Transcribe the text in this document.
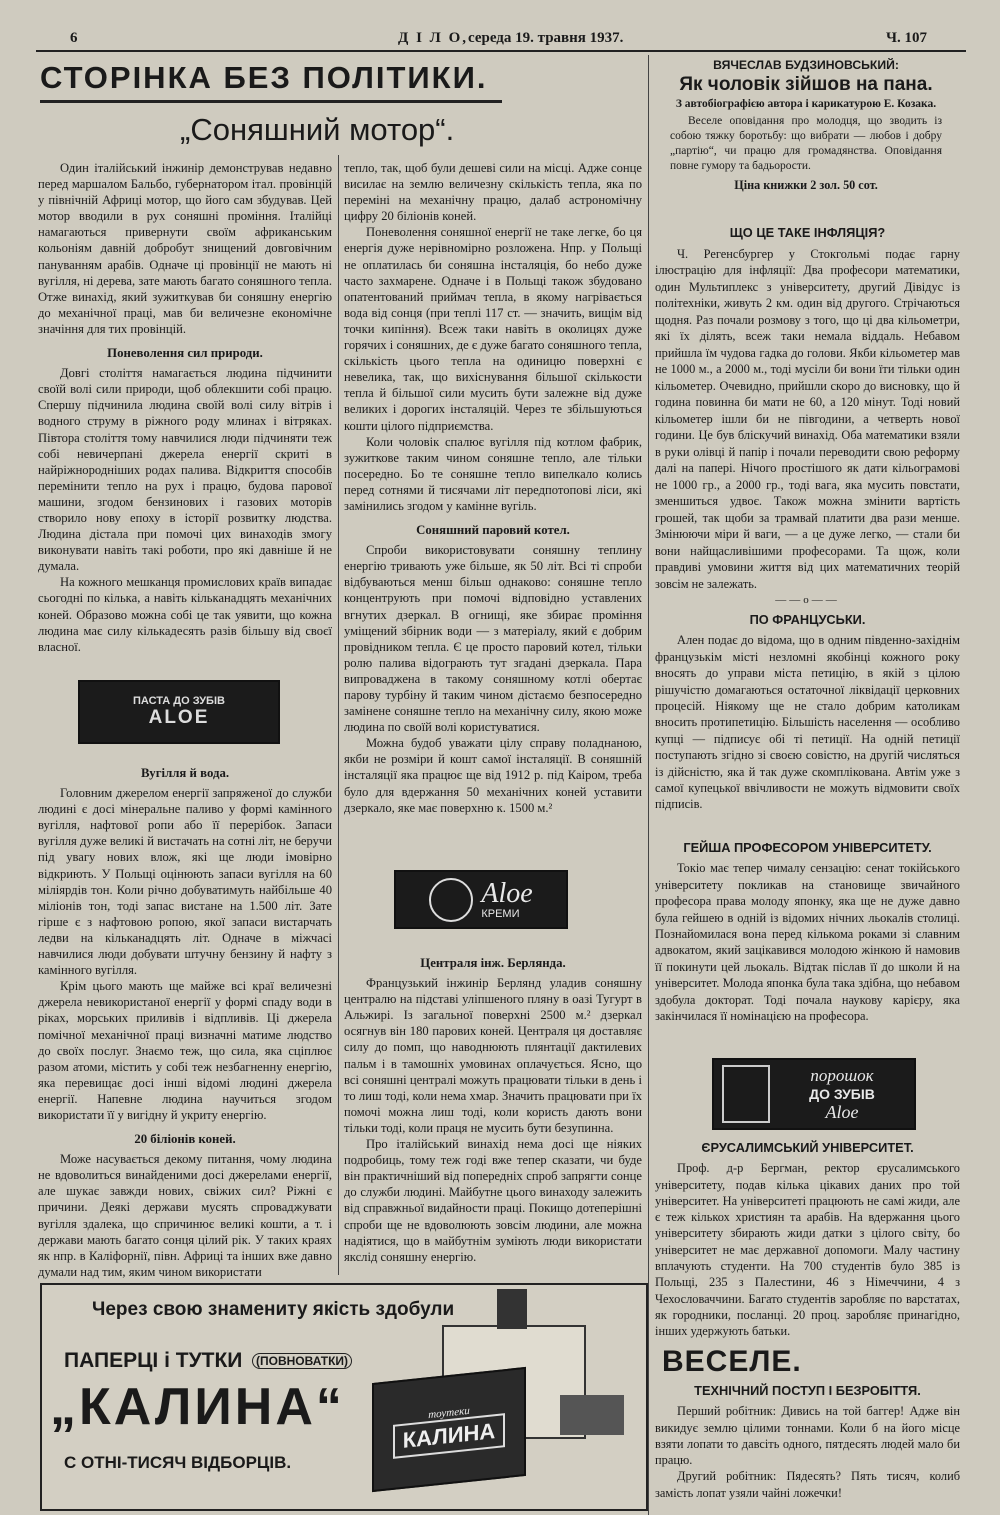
6	Д І Л О, середа 19. травня 1937.	Ч. 107
СТОРІНКА БЕЗ ПОЛІТИКИ.
„Соняшний мотор“.

Один італійський інжинір демонстрував недавно перед маршалом Бальбо, губернатором італ. провінцій у північній Африці мотор, що його сам збудував. Цей мотор вводили в рух соняшні проміння. Італійці намагаються привернути своїм африканським кольоніям давній добробут знищений довговічним пануванням арабів. Одначе ці провінції не мають ні вугілля, ні дерева, зате мають багато соняшного тепла. Отже винахід, який зужиткував би соняшну енергію до механічної праці, мав би величезне економічне значіння для тих провінцій.

Поневолення сил природи.

Довгі століття намагається людина підчинити своїй волі сили природи, щоб облекшити собі працю. Спершу підчинила людина своїй волі силу вітрів і водного струму в ріжного роду млинах і вітряках. Півтора століття тому навчилися люди підчиняти теж собі невичерпані джерела енергії скриті в найріжнородніших родах палива. Відкриття способів перемінити тепло на рух і працю, будова парової машини, згодом бензинових і газових моторів створило нову епоху в історії розвитку людства. Людина дістала при помочі цих винаходів змогу виконувати навіть такі роботи, про які давніше й не думала.

На кожного мешканця промислових країв випадає сьогодні по кілька, а навіть кільканадцять механічних коней. Образово можна собі це так уявити, що кожна людина має силу кількадесять разів більшу від своєї власної.

ПАСТА ДО ЗУБІВ
ALOE
Вугілля й вода.

Головним джерелом енергії запряженої до служби людині є досі мінеральне паливо у формі камінного вугілля, нафтової ропи або її перерібок. Запаси вугілля дуже великі й вистачать на сотні літ, не беручи під увагу нових влож, які ще люди імовірно відкриють. У Польщі оцінюють запаси вугілля на 60 міліярдів тон. Коли річно добуватимуть найбільше 40 міліонів тон, тоді запас вистане на 1.500 літ. Зате гірше є з нафтовою ропою, якої запаси вистарчать ледви на кільканадцять літ. Одначе в міжчасі навчилися люди добувати штучну бензину й нафту з камінного вугілля.

Крім цього мають ще майже всі краї величезні джерела невикористаної енергії у формі спаду води в ріках, морських приливів і відпливів. Ці джерела помічної механічної праці визначні матиме людство до своїх послуг. Знаємо теж, що сила, яка сціплює разом атоми, містить у собі теж незбагненну енергію, яка перевищає досі інші відомі людині джерела енергії. Напевне людина научиться згодом використати її у вигідну й укриту енергію.

20 біліонів коней.

Може насувається декому питання, чому людина не вдоволиться винайденими досі джерелами енергії, але шукає завжди нових, свіжих сил? Ріжні є причини. Деякі держави мусять спроваджувати вугілля здалека, що спричинює великі кошти, а т. і держави мають багато сонця цілий рік. У таких краях як нпр. в Каліфорнії, півн. Африці та інших вже давно думали над тим, яким чином використати

тепло, так, щоб були дешеві сили на місці. Адже сонце висилає на землю величезну скількість тепла, яка по переміні на механічну працю, далаб астрономічну цифру 20 біліонів коней.

Поневолення соняшної енергії не таке легке, бо ця енергія дуже нерівномірно розложена. Нпр. у Польщі не оплатилась би соняшна інсталяція, бо небо дуже часто захмарене. Одначе і в Польщі також збудовано опатентований приймач тепла, в якому нагрівається вода від сонця (при теплі 117 ст. — значить, вищім від точки кипіння). Всеж таки навіть в околицях дуже горячих і соняшних, де є дуже багато соняшного тепла, скількість цього тепла на одиницю поверхні є невелика, так, що вихіснування більшої скількости тепла й більшої сили мусить бути залежне від дуже великих і дорогих інсталяцій. Через те збільшуються кошти цілого підприємства.

Коли чоловік спалює вугілля під котлом фабрик, зужиткове таким чином соняшне тепло, але тільки посередно. Бо те соняшне тепло випелкало колись перед сотнями й тисячами літ передпотопові ліси, які замінились згодом у камінне вугіль.

Соняшний паровий котел.

Спроби використовувати соняшну теплину енергію тривають уже більше, як 50 літ. Всі ті спроби відбуваються менш більш однаково: соняшне тепло концентрують при помочі відповідно уставлених вгнутих дзеркал. В огнищі, яке збирає проміння уміщений збірник води — з матеріалу, який є добрим провідником тепла. Є це просто паровий котел, тільки ролю палива відограють тут згадані дзеркала. Пара випроваджена в такому соняшному котлі обертає парову турбіну й таким чином дістаємо безпосередно замінене соняшне тепло на механічну силу, якою може людина по своїй волі користуватися.

Можна будоб уважати цілу справу поладнаною, якби не розміри й кошт самої інсталяції. В соняшній інсталяції яка працює ще від 1912 р. під Каіром, треба було для вдержання 50 механічних коней уставити дзеркало, яке має поверхню к. 1500 м.²

Aloe
КРЕМИ
Централя інж. Берлянда.

Французький інжинір Берлянд уладив соняшну централю на підставі уліпшеного пляну в оазі Тугурт в Альжирі. Із загальної поверхні 2500 м.² дзеркал осягнув він 180 парових коней. Централя ця доставляє силу до помп, що наводнюють плянтації дактилевих пальм і в тамошніх умовинах оплачується. Ясно, що всі соняшні централі можуть працювати тільки в день і то лиш тоді, коли нема хмар. Значить працювати при їх помочі можна лиш тоді, коли користь дають вони тільки тоді, коли праця не мусить бути безупинна.

Про італійський винахід нема досі ще ніяких подробиць, тому теж годі вже тепер сказати, чи буде він практичніший від попередніх спроб запрягти сонце до служби людині. Майбутне цього винаходу залежить від справжньої видайности праці. Покищо дотеперішні спроби ще не вдоволюють зовсім людини, але можна надіятися, що в майбутнім зуміють люди використати якслід соняшну енергію.

ВЯЧЕСЛАВ БУДЗИНОВСЬКИЙ:
Як чоловік зійшов на пана.
З автобіографією автора і карикатурою Е. Козака.
Веселе оповідання про молодця, що зводить із собою тяжку боротьбу: що вибрати — любов і добру „партію“, чи працю для громадянства. Оповідання повне гумору та бадьорости.
Ціна книжки 2 зол. 50 сот.
ЩО ЦЕ ТАКЕ ІНФЛЯЦІЯ?

Ч. Регенсбургер у Стокгольмі подає гарну ілюстрацію для інфляції: Два професори математики, один Мультиплекс з університету, другий Дівідус із політехніки, живуть 2 км. один від другого. Стрічаються щодня. Раз почали розмову з того, що ці два кільометри, які їх ділять, всеж таки немала віддаль. Небавом прийшла їм чудова гадка до голови. Якби кільометер мав не 1000 м., а 2000 м., тоді мусіли би вони їти тільки один кільометер. Очевидно, прийшли скоро до висновку, що й година повинна би мати не 60, а 120 мінут. Тоді новий кільометер ішли би не півгодини, а четверть нової години. Це був бліскучий винахід. Оба математики взяли в руки олівці й папір і почали переводити свою реформу далі на папері. Нічого простішого як дати кільограмові не 1000 гр., а 2000 гр., тоді вага, яка мусить повстати, зменшиться удвоє. Також можна змінити вартість грошей, так щоби за трамвай платити два рази менше. Змінюючи міри й ваги, — а це дуже легко, — стали би вони найщасливішими професорами. Та щож, коли правдиві умовини життя від цих математичних теорій зовсім не залежать.

——o——
ПО ФРАНЦУСЬКИ.

Ален подає до відома, що в одним південно-західнім французькім місті незломні якобінці кожного року вносять до управи міста петицію, в якій з цілою рішучістю домагаються остаточної ліквідації церковних процесій. Ніякому ще не стало добрим католикам вносить протипетицію. Більшість населення — особливо купці — підписує обі ті петиції. На одній петиції поступають згідно зі своєю совістю, на другій числяться із дійсністю, яка й так дуже скомплікована. Автім уже з самої купецької ввічливости не можуть відмовити своїх підписів.

ГЕЙША ПРОФЕСОРОМ УНІВЕРСИТЕТУ.

Токіо має тепер чималу сензацію: сенат токійського університету покликав на становище звичайного професора права молоду японку, яка ще не дуже давно була гейшею в одній із відомих нічних льокалів столиці. Познайомилася вона перед кількома роками зі славним адвокатом, який зацікавився молодою жінкою й намовив її покинути цей льокаль. Відтак післав її до школи й на університет. Молода японка була така здібна, що небавом здобула докторат. Тоді почала наукову карієру, яка закінчилася її номінацією на професора.

порошок
ДО ЗУБІВ
Aloe
ЄРУСАЛИМСЬКИЙ УНІВЕРСИТЕТ.

Проф. д-р Бергман, ректор єрусалимського університету, подав кілька цікавих даних про той університет. На університеті працюють не самі жиди, але є теж кількох християн та арабів. На вдержання цього університету збирають жиди датки з цілого світу, бо університет не має державної допомоги. Малу частину вплачують студенти. На 700 студентів було 385 із Польщі, 235 з Палестини, 46 з Німеччини, 4 з Чехословаччини. Багато студентів заробляє по варстатах, як городники, посланці. 20 проц. заробляє принагідно, інших удержують батьки.

ВЕСЕЛЕ.
ТЕХНІЧНИЙ ПОСТУП І БЕЗРОБІТТЯ.

Перший робітник: Дивись на той баггер! Адже він викидує землю цілими тоннами. Коли б на його місце взяти лопати то давсіть одного, пятдесять людей мало би працю.

Другий робітник: Пядесять? Пять тисяч, колиб замість лопат узяли чайні ложечки!

Через свою знамениту якість здобули
ПАПЕРЦІ і ТУТКИ	(ПОВНОВАТКИ)
„КАЛИНА“
С ОТНІ-ТИСЯЧ ВІДБОРЦІВ.
тоутеки
КАЛИНА
